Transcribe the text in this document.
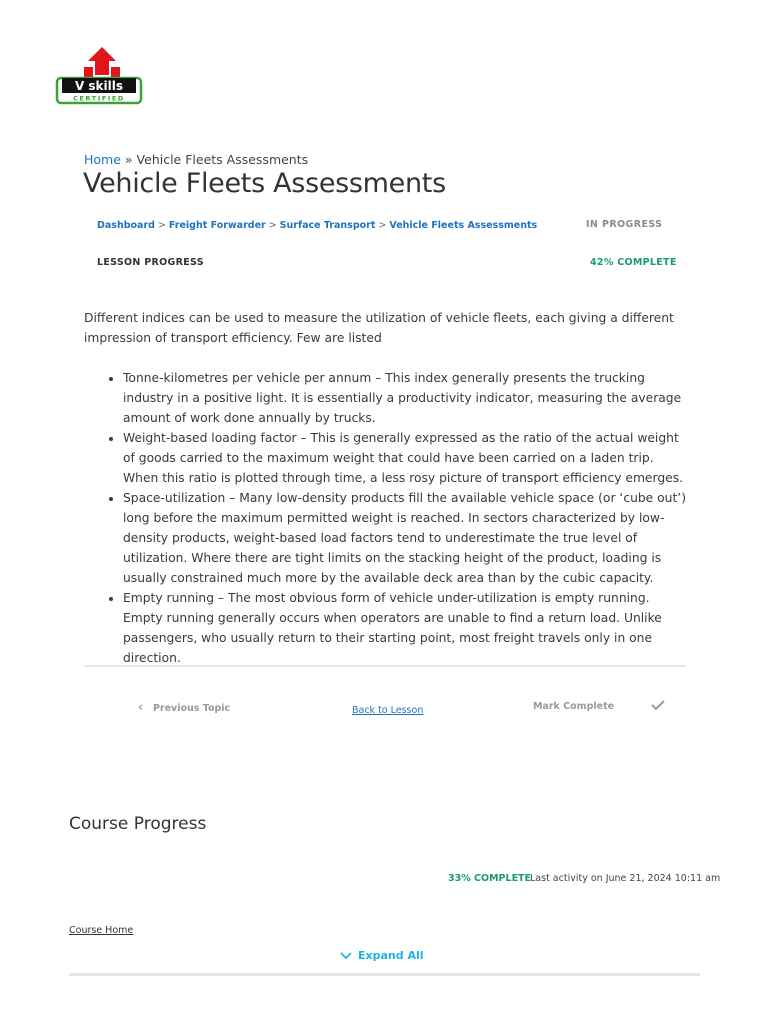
V skills
CERTIFIED
Home » Vehicle Fleets Assessments
Vehicle Fleets Assessments
Dashboard > Freight Forwarder > Surface Transport > Vehicle Fleets Assessments	IN PROGRESS
LESSON PROGRESS	42% COMPLETE

Different indices can be used to measure the utilization of vehicle fleets, each giving a different impression of transport efficiency. Few are listed

• Tonne-kilometres per vehicle per annum – This index generally presents the trucking industry in a positive light. It is essentially a productivity indicator, measuring the average amount of work done annually by trucks.
• Weight-based loading factor – This is generally expressed as the ratio of the actual weight of goods carried to the maximum weight that could have been carried on a laden trip. When this ratio is plotted through time, a less rosy picture of transport efficiency emerges.
• Space-utilization – Many low-density products fill the available vehicle space (or ‘cube out’) long before the maximum permitted weight is reached. In sectors characterized by low-density products, weight-based load factors tend to underestimate the true level of utilization. Where there are tight limits on the stacking height of the product, loading is usually constrained much more by the available deck area than by the cubic capacity.
• Empty running – The most obvious form of vehicle under-utilization is empty running. Empty running generally occurs when operators are unable to find a return load. Unlike passengers, who usually return to their starting point, most freight travels only in one direction.
‹ Previous Topic	Back to Lesson	Mark Complete
Course Progress
33% COMPLETE
Last activity on June 21, 2024 10:11 am
Course Home
Expand All
